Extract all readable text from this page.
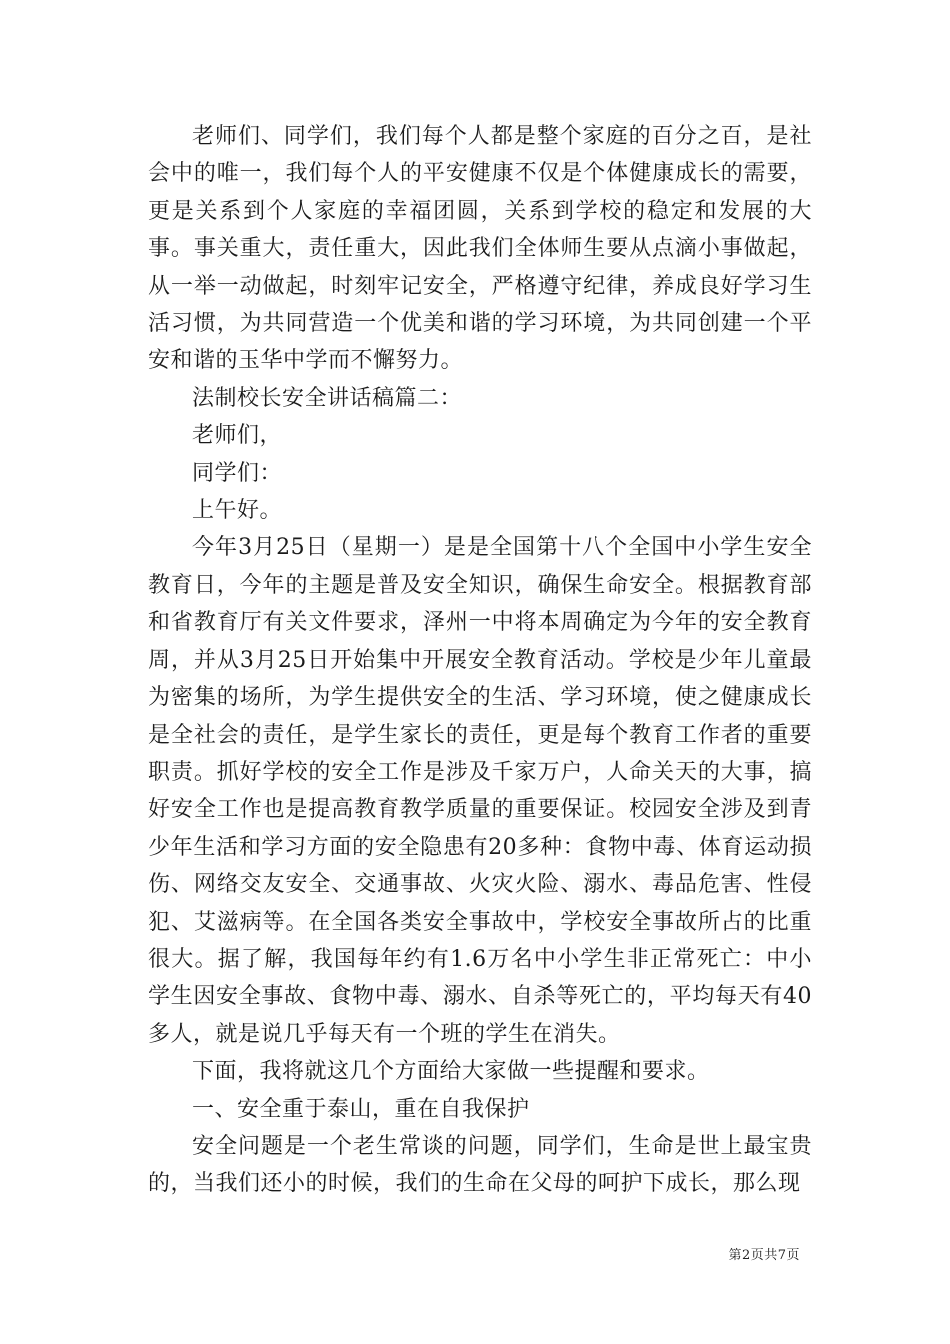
老师们、同学们，我们每个人都是整个家庭的百分之百，是社会中的唯一，我们每个人的平安健康不仅是个体健康成长的需要，更是关系到个人家庭的幸福团圆，关系到学校的稳定和发展的大事。事关重大，责任重大，因此我们全体师生要从点滴小事做起，从一举一动做起，时刻牢记安全，严格遵守纪律，养成良好学习生活习惯，为共同营造一个优美和谐的学习环境，为共同创建一个平安和谐的玉华中学而不懈努力。

法制校长安全讲话稿篇二：

老师们，

同学们：

上午好。

今年3月25日（星期一）是是全国第十八个全国中小学生安全教育日，今年的主题是普及安全知识，确保生命安全。根据教育部和省教育厅有关文件要求，泽州一中将本周确定为今年的安全教育周，并从3月25日开始集中开展安全教育活动。学校是少年儿童最为密集的场所，为学生提供安全的生活、学习环境，使之健康成长是全社会的责任，是学生家长的责任，更是每个教育工作者的重要职责。抓好学校的安全工作是涉及千家万户，人命关天的大事，搞好安全工作也是提高教育教学质量的重要保证。校园安全涉及到青少年生活和学习方面的安全隐患有20多种：食物中毒、体育运动损伤、网络交友安全、交通事故、火灾火险、溺水、毒品危害、性侵犯、艾滋病等。在全国各类安全事故中，学校安全事故所占的比重很大。据了解，我国每年约有1.6万名中小学生非正常死亡：中小学生因安全事故、食物中毒、溺水、自杀等死亡的，平均每天有40多人，就是说几乎每天有一个班的学生在消失。

下面，我将就这几个方面给大家做一些提醒和要求。

一、安全重于泰山，重在自我保护

安全问题是一个老生常谈的问题，同学们，生命是世上最宝贵的，当我们还小的时候，我们的生命在父母的呵护下成长，那么现

第2页共7页
